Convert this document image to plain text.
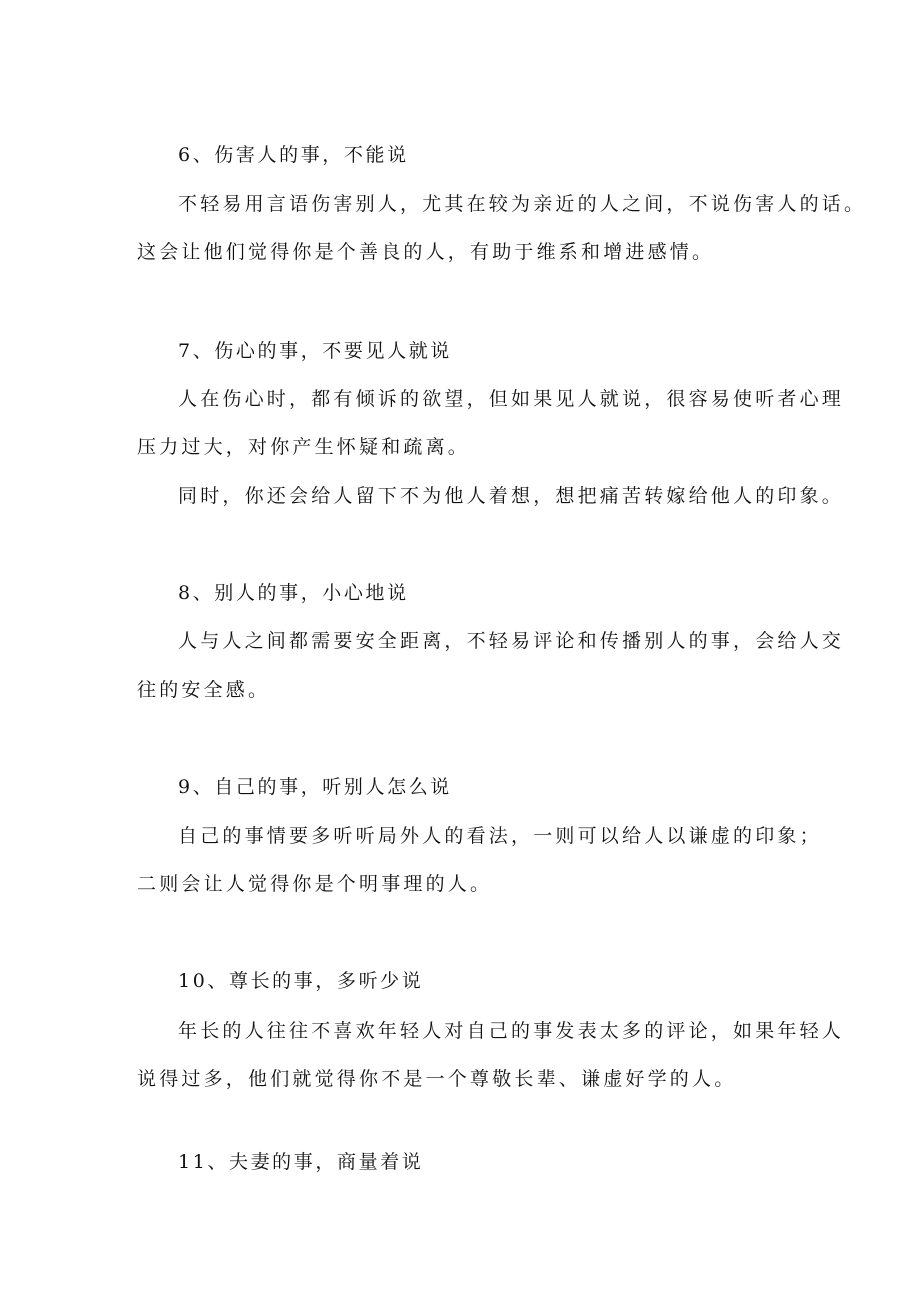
6、伤害人的事，不能说

不轻易用言语伤害别人，尤其在较为亲近的人之间，不说伤害人的话。

这会让他们觉得你是个善良的人，有助于维系和增进感情。

7、伤心的事，不要见人就说

人在伤心时，都有倾诉的欲望，但如果见人就说，很容易使听者心理

压力过大，对你产生怀疑和疏离。

同时，你还会给人留下不为他人着想，想把痛苦转嫁给他人的印象。

8、别人的事，小心地说

人与人之间都需要安全距离，不轻易评论和传播别人的事，会给人交

往的安全感。

9、自己的事，听别人怎么说

自己的事情要多听听局外人的看法，一则可以给人以谦虚的印象；

二则会让人觉得你是个明事理的人。

10、尊长的事，多听少说

年长的人往往不喜欢年轻人对自己的事发表太多的评论，如果年轻人

说得过多，他们就觉得你不是一个尊敬长辈、谦虚好学的人。

11、夫妻的事，商量着说
